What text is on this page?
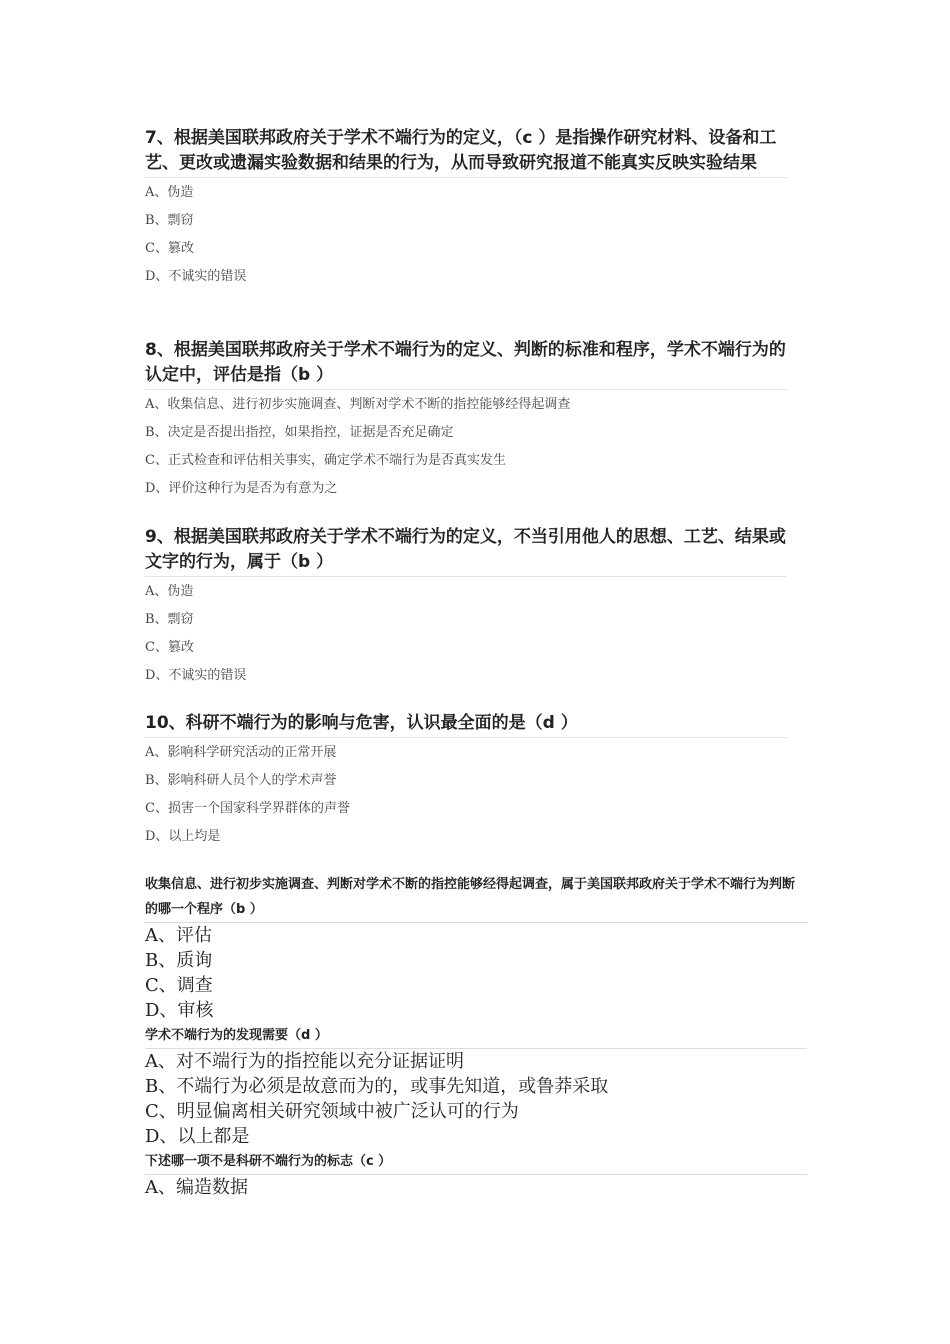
7、根据美国联邦政府关于学术不端行为的定义，（c ）是指操作研究材料、设备和工艺、更改或遗漏实验数据和结果的行为，从而导致研究报道不能真实反映实验结果

A、伪造
B、剽窃
C、篡改
D、不诚实的错误

8、根据美国联邦政府关于学术不端行为的定义、判断的标准和程序，学术不端行为的认定中，评估是指（b ）

A、收集信息、进行初步实施调查、判断对学术不断的指控能够经得起调查
B、决定是否提出指控，如果指控，证据是否充足确定
C、正式检查和评估相关事实，确定学术不端行为是否真实发生
D、评价这种行为是否为有意为之

9、根据美国联邦政府关于学术不端行为的定义，不当引用他人的思想、工艺、结果或文字的行为，属于（b ）

A、伪造
B、剽窃
C、篡改
D、不诚实的错误

10、科研不端行为的影响与危害，认识最全面的是（d ）

A、影响科学研究活动的正常开展
B、影响科研人员个人的学术声誉
C、损害一个国家科学界群体的声誉
D、以上均是

收集信息、进行初步实施调查、判断对学术不断的指控能够经得起调查，属于美国联邦政府关于学术不端行为判断的哪一个程序（b ）

A、评估
B、质询
C、调查
D、审核

学术不端行为的发现需要（d ）

A、对不端行为的指控能以充分证据证明
B、不端行为必须是故意而为的，或事先知道，或鲁莽采取
C、明显偏离相关研究领域中被广泛认可的行为
D、以上都是

下述哪一项不是科研不端行为的标志（c ）

A、编造数据
